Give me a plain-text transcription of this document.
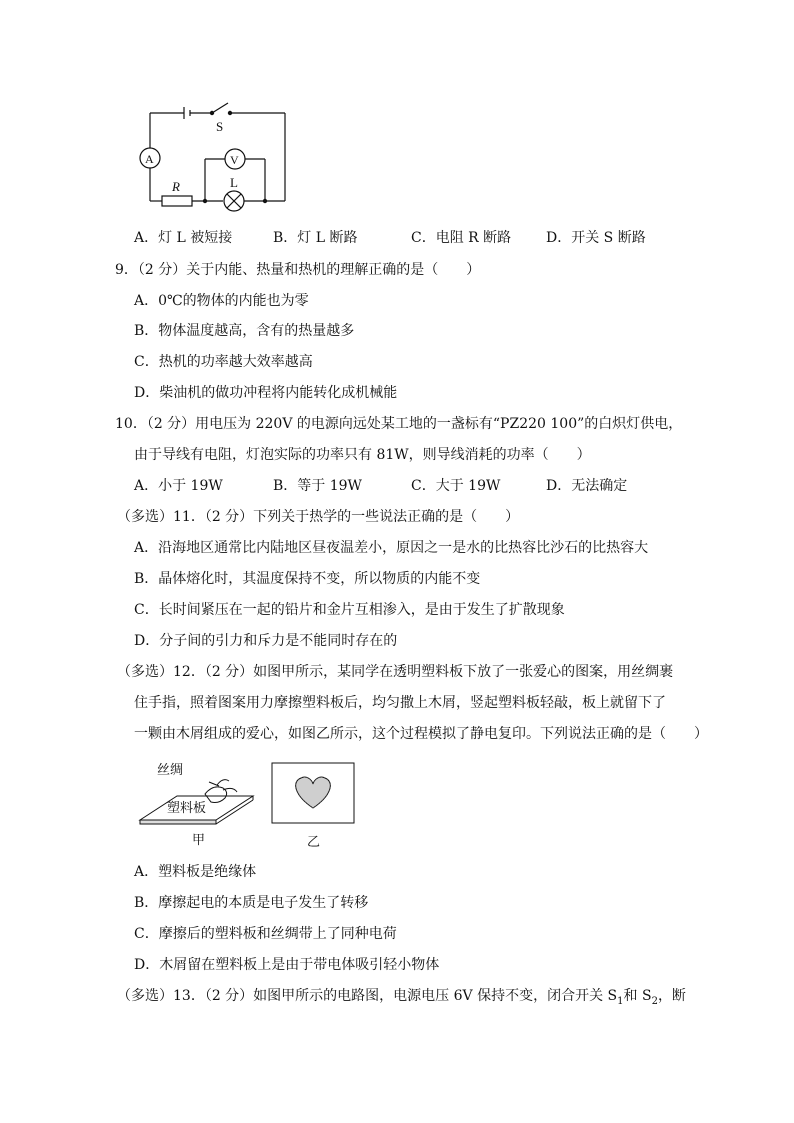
S
A	V
R	L
A．灯 L 被短接	B．灯 L 断路	C．电阻 R 断路 D．开关 S 断路
9．（2 分）关于内能、热量和热机的理解正确的是（　　）
A．0℃的物体的内能也为零
B．物体温度越高，含有的热量越多
C．热机的功率越大效率越高
D．柴油机的做功冲程将内能转化成机械能
10．（2 分）用电压为 220V 的电源向远处某工地的一盏标有“PZ220 100”的白炽灯供电，
由于导线有电阻，灯泡实际的功率只有 81W，则导线消耗的功率（　　）
A．小于 19W	B．等于 19W	C．大于 19W	D．无法确定
（多选）11．（2 分）下列关于热学的一些说法正确的是（　　）
A．沿海地区通常比内陆地区昼夜温差小，原因之一是水的比热容比沙石的比热容大
B．晶体熔化时，其温度保持不变，所以物质的内能不变
C．长时间紧压在一起的铅片和金片互相渗入，是由于发生了扩散现象
D．分子间的引力和斥力是不能同时存在的
（多选）12．（2 分）如图甲所示，某同学在透明塑料板下放了一张爱心的图案，用丝绸裹
住手指，照着图案用力摩擦塑料板后，均匀撒上木屑，竖起塑料板轻敲，板上就留下了
一颗由木屑组成的爱心，如图乙所示，这个过程模拟了静电复印。下列说法正确的是（　　）
丝绸
塑料板
甲	乙
A．塑料板是绝缘体
B．摩擦起电的本质是电子发生了转移
C．摩擦后的塑料板和丝绸带上了同种电荷
D．木屑留在塑料板上是由于带电体吸引轻小物体
（多选）13．（2 分）如图甲所示的电路图，电源电压 6V 保持不变，闭合开关 $S_1$和 $S_2$，断
